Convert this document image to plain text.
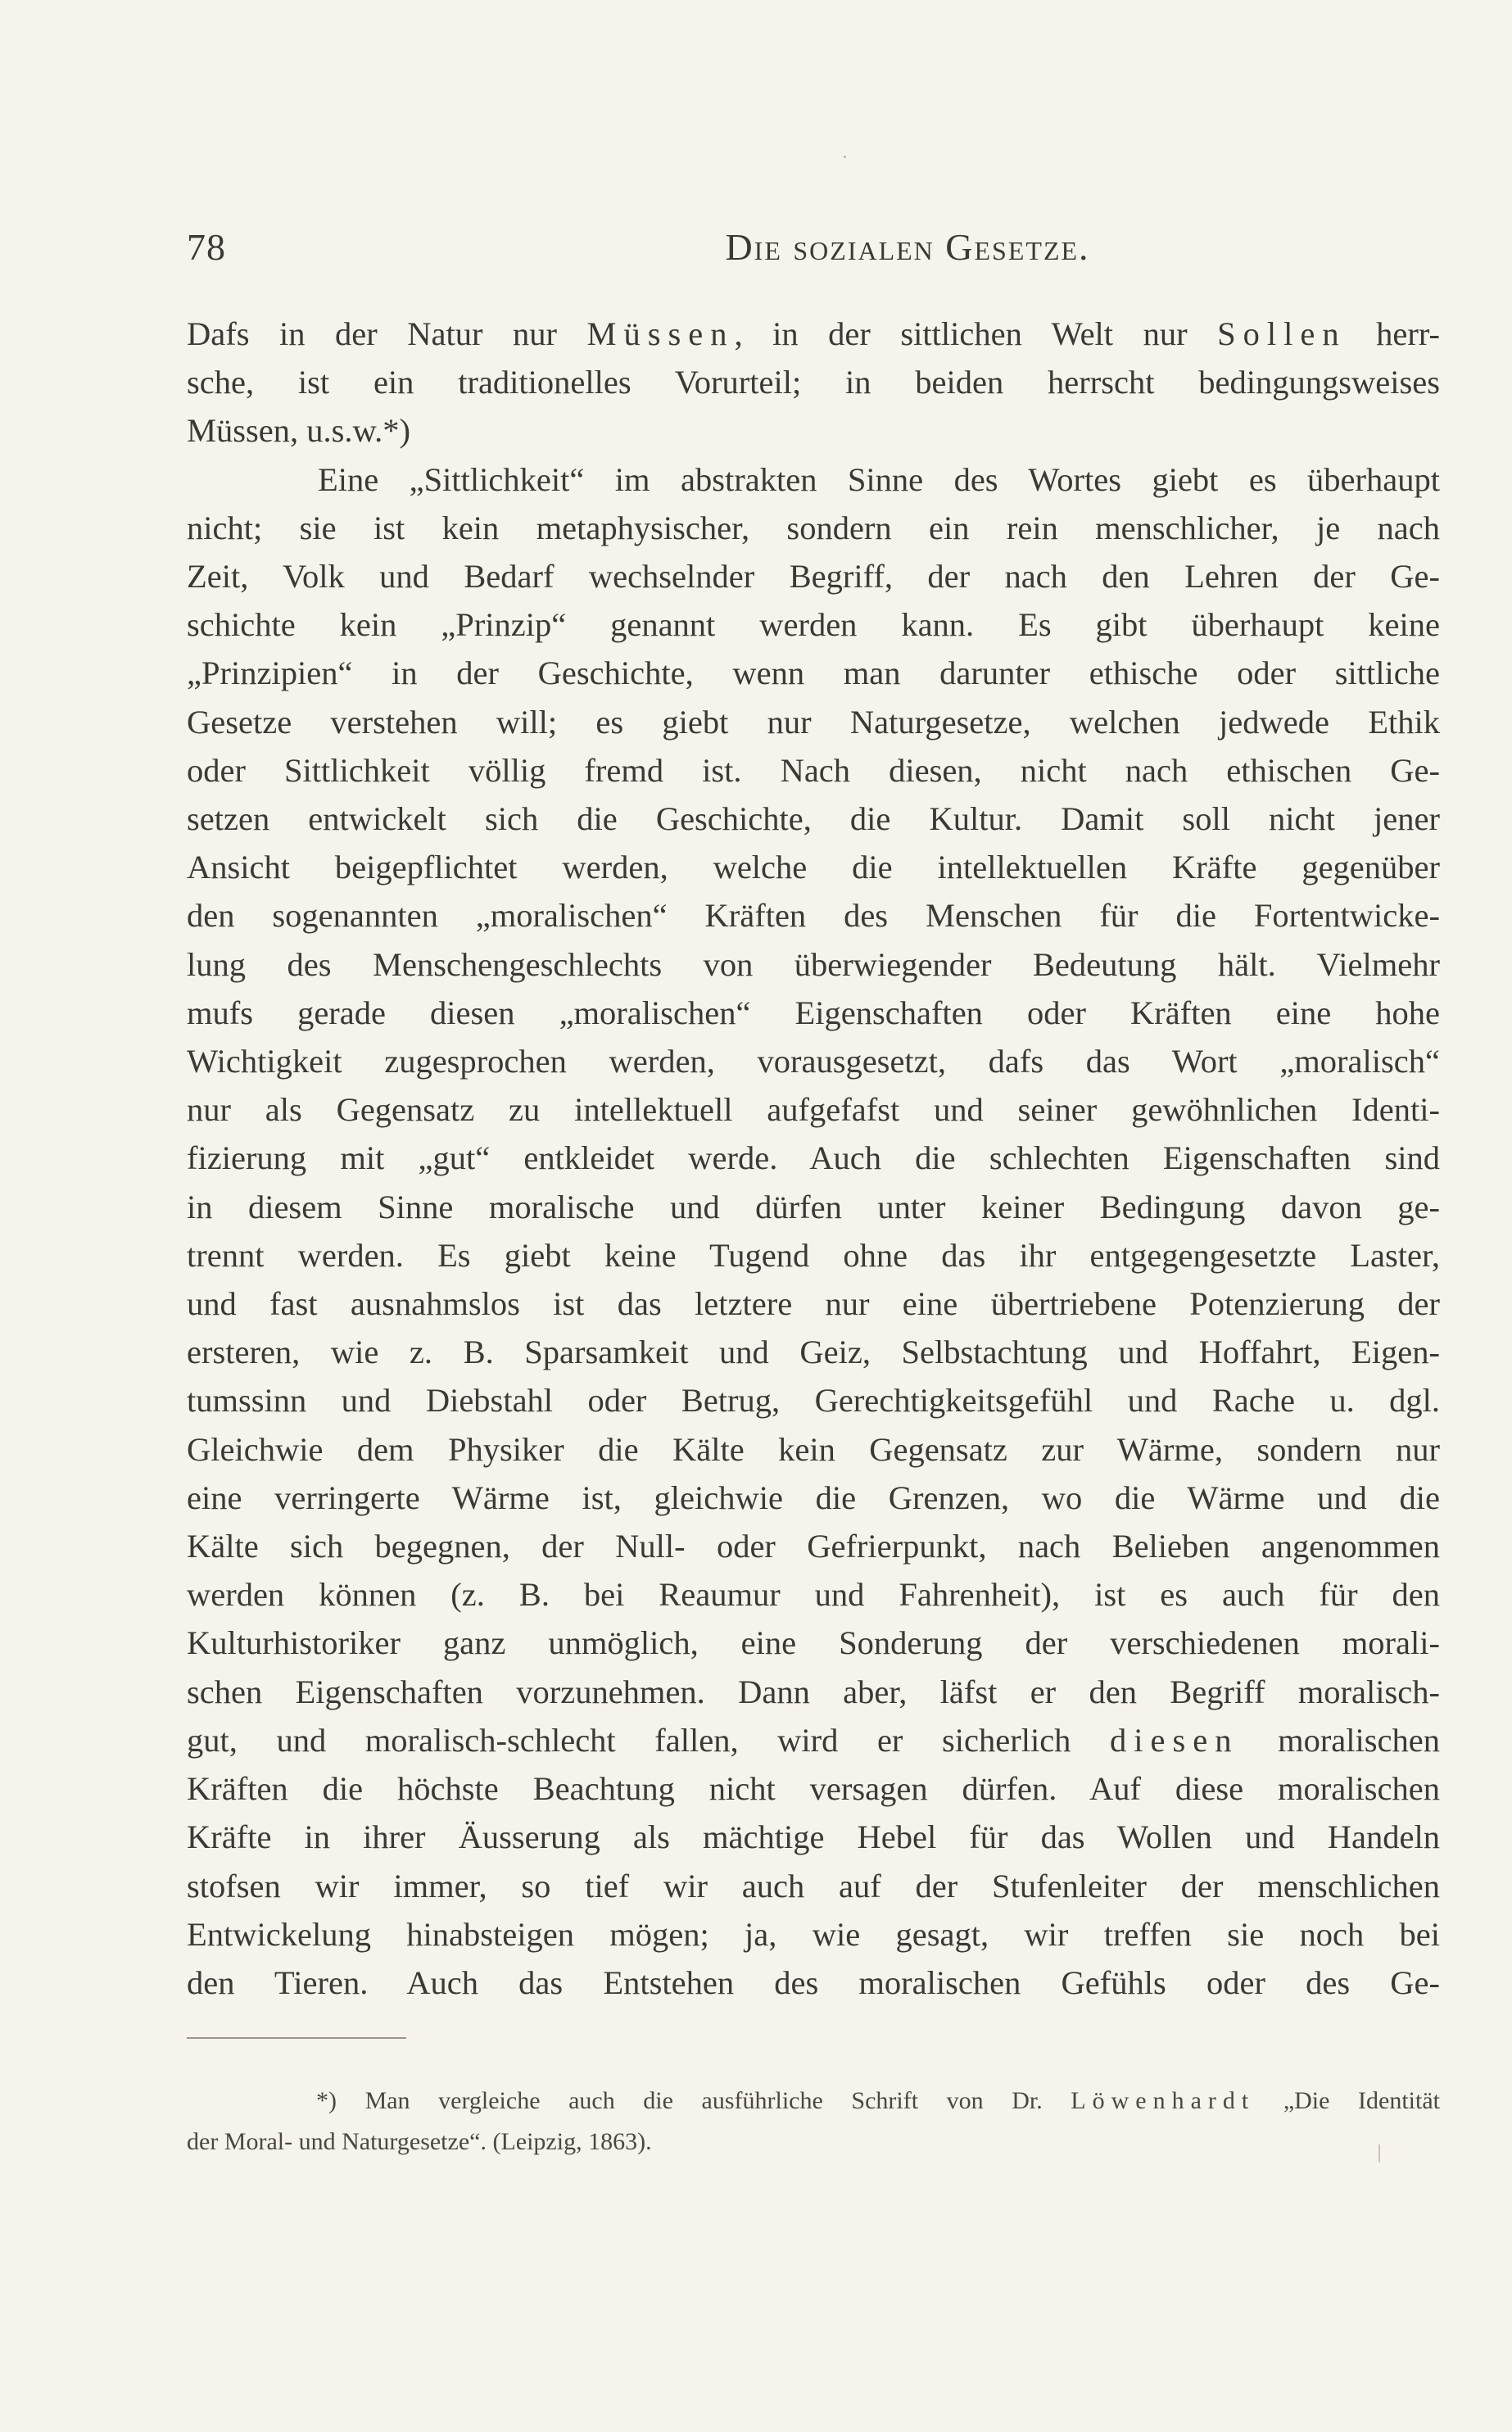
78	Die sozialen Gesetze.
Dafs in der Natur nur Müssen, in der sittlichen Welt nur Sollen herr-
sche, ist ein traditionelles Vorurteil; in beiden herrscht bedingungsweises
Müssen, u.s.w.*)
Eine „Sittlichkeit“ im abstrakten Sinne des Wortes giebt es überhaupt
nicht; sie ist kein metaphysischer, sondern ein rein menschlicher, je nach
Zeit, Volk und Bedarf wechselnder Begriff, der nach den Lehren der Ge-
schichte kein „Prinzip“ genannt werden kann. Es gibt überhaupt keine
„Prinzipien“ in der Geschichte, wenn man darunter ethische oder sittliche
Gesetze verstehen will; es giebt nur Naturgesetze, welchen jedwede Ethik
oder Sittlichkeit völlig fremd ist. Nach diesen, nicht nach ethischen Ge-
setzen entwickelt sich die Geschichte, die Kultur. Damit soll nicht jener
Ansicht beigepflichtet werden, welche die intellektuellen Kräfte gegenüber
den sogenannten „moralischen“ Kräften des Menschen für die Fortentwicke-
lung des Menschengeschlechts von überwiegender Bedeutung hält. Vielmehr
mufs gerade diesen „moralischen“ Eigenschaften oder Kräften eine hohe
Wichtigkeit zugesprochen werden, vorausgesetzt, dafs das Wort „moralisch“
nur als Gegensatz zu intellektuell aufgefafst und seiner gewöhnlichen Identi-
fizierung mit „gut“ entkleidet werde. Auch die schlechten Eigenschaften sind
in diesem Sinne moralische und dürfen unter keiner Bedingung davon ge-
trennt werden. Es giebt keine Tugend ohne das ihr entgegengesetzte Laster,
und fast ausnahmslos ist das letztere nur eine übertriebene Potenzierung der
ersteren, wie z. B. Sparsamkeit und Geiz, Selbstachtung und Hoffahrt, Eigen-
tumssinn und Diebstahl oder Betrug, Gerechtigkeitsgefühl und Rache u. dgl.
Gleichwie dem Physiker die Kälte kein Gegensatz zur Wärme, sondern nur
eine verringerte Wärme ist, gleichwie die Grenzen, wo die Wärme und die
Kälte sich begegnen, der Null- oder Gefrierpunkt, nach Belieben angenommen
werden können (z. B. bei Reaumur und Fahrenheit), ist es auch für den
Kulturhistoriker ganz unmöglich, eine Sonderung der verschiedenen morali-
schen Eigenschaften vorzunehmen. Dann aber, läfst er den Begriff moralisch-
gut, und moralisch-schlecht fallen, wird er sicherlich diesen moralischen
Kräften die höchste Beachtung nicht versagen dürfen. Auf diese moralischen
Kräfte in ihrer Äusserung als mächtige Hebel für das Wollen und Handeln
stofsen wir immer, so tief wir auch auf der Stufenleiter der menschlichen
Entwickelung hinabsteigen mögen; ja, wie gesagt, wir treffen sie noch bei
den Tieren. Auch das Entstehen des moralischen Gefühls oder des Ge-
*) Man vergleiche auch die ausführliche Schrift von Dr. Löwenhardt „Die Identität
der Moral- und Naturgesetze“. (Leipzig, 1863).
